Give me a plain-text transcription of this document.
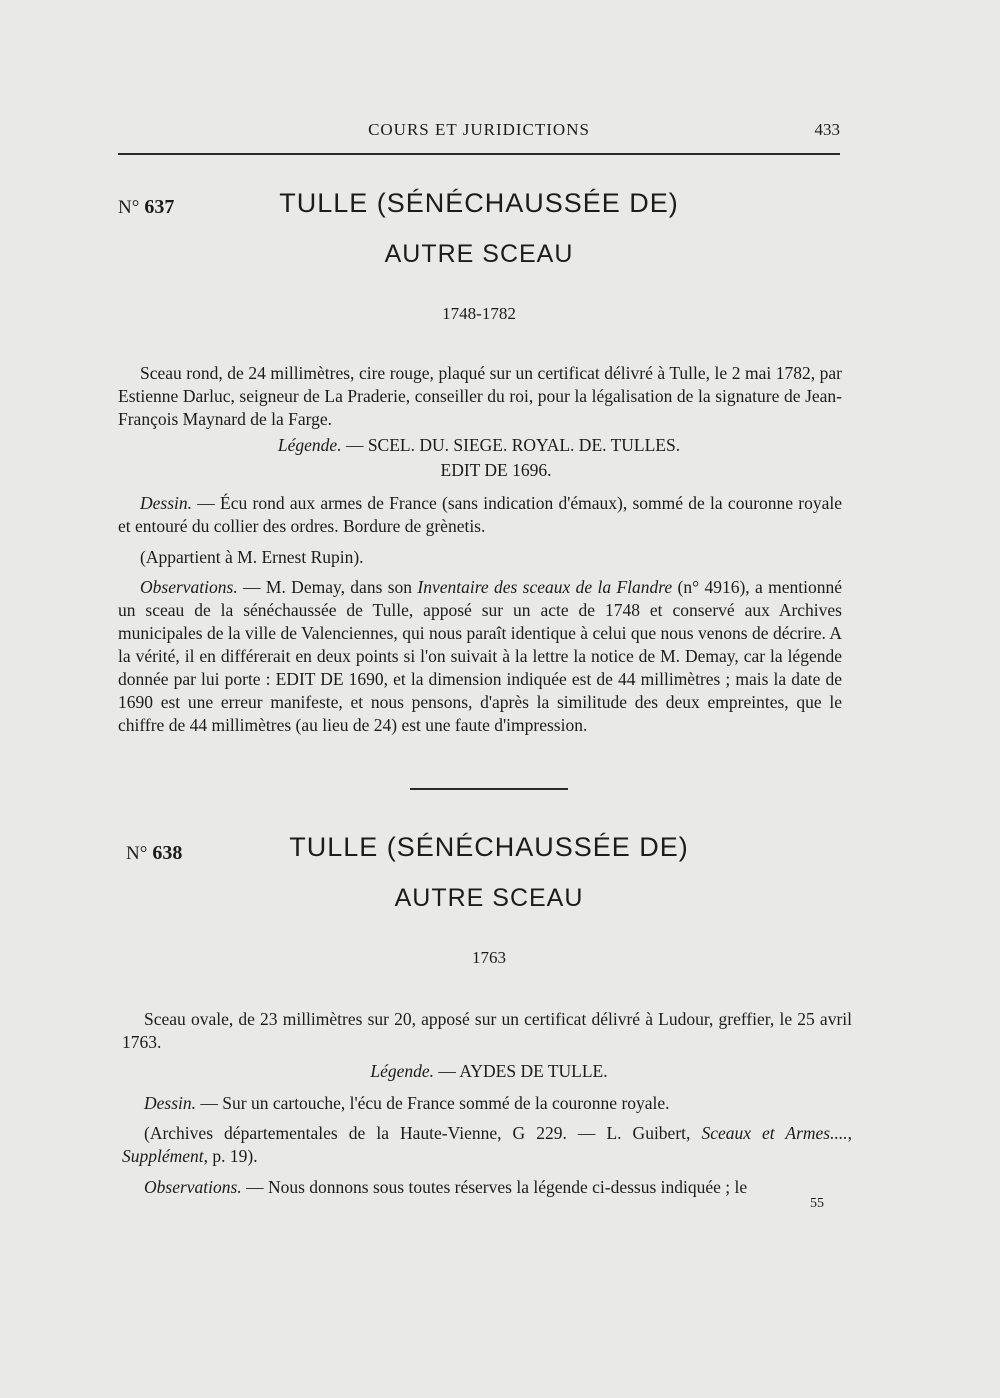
COURS ET JURIDICTIONS	433
N° 637	TULLE (SÉNÉCHAUSSÉE DE)
AUTRE SCEAU
1748-1782
Sceau rond, de 24 millimètres, cire rouge, plaqué sur un certificat délivré à Tulle, le 2 mai 1782, par Estienne Darluc, seigneur de La Praderie, conseiller du roi, pour la légalisation de la signature de Jean-François Maynard de la Farge.
Légende. — SCEL. DU. SIEGE. ROYAL. DE. TULLES.
EDIT DE 1696.
Dessin. — Écu rond aux armes de France (sans indication d'émaux), sommé de la couronne royale et entouré du collier des ordres. Bordure de grènetis.
(Appartient à M. Ernest Rupin).
Observations. — M. Demay, dans son Inventaire des sceaux de la Flandre (n° 4916), a mentionné un sceau de la sénéchaussée de Tulle, apposé sur un acte de 1748 et conservé aux Archives municipales de la ville de Valenciennes, qui nous paraît identique à celui que nous venons de décrire. A la vérité, il en différerait en deux points si l'on suivait à la lettre la notice de M. Demay, car la légende donnée par lui porte : EDIT DE 1690, et la dimension indiquée est de 44 millimètres ; mais la date de 1690 est une erreur manifeste, et nous pensons, d'après la similitude des deux empreintes, que le chiffre de 44 millimètres (au lieu de 24) est une faute d'impression.
N° 638	TULLE (SÉNÉCHAUSSÉE DE)
AUTRE SCEAU
1763
Sceau ovale, de 23 millimètres sur 20, apposé sur un certificat délivré à Ludour, greffier, le 25 avril 1763.
Légende. — AYDES DE TULLE.
Dessin. — Sur un cartouche, l'écu de France sommé de la couronne royale.
(Archives départementales de la Haute-Vienne, G 229. — L. Guibert, Sceaux et Armes...., Supplément, p. 19).
Observations. — Nous donnons sous toutes réserves la légende ci-dessus indiquée ; le
55
